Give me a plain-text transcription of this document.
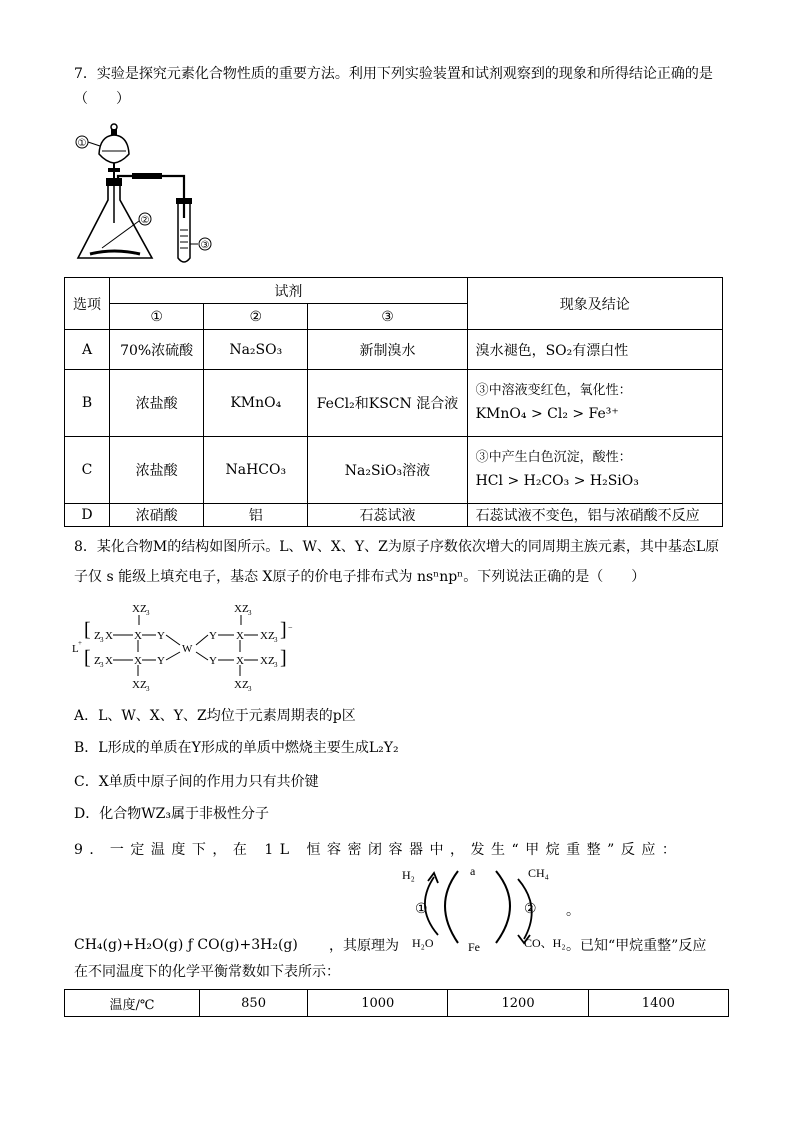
7．实验是探究元素化合物性质的重要方法。利用下列实验装置和试剂观察到的现象和所得结论正确的是
（　　）
①
②
③
选项	试剂			现象及结论
	①	②	③	
A	70%浓硫酸	Na₂SO₃	新制溴水	溴水褪色，SO₂有漂白性
B	浓盐酸	KMnO₄	FeCl₂和KSCN 混合液	③中溶液变红色，氧化性：
KMnO₄ > Cl₂ > Fe³⁺

C	浓盐酸	NaHCO₃	Na₂SiO₃溶液	③中产生白色沉淀，酸性：
HCl > H₂CO₃ > H₂SiO₃

D	浓硝酸	铝	石蕊试液	石蕊试液不变色，铝与浓硝酸不反应
8．某化合物M的结构如图所示。L、W、X、Y、Z为原子序数依次增大的同周期主族元素，其中基态L原
子仅 s 能级上填充电子，基态 X原子的价电子排布式为 nsⁿnpⁿ。下列说法正确的是（　　）
L +
[
[
XZ 3
Z 3 X X Y
Z 3 X X Y
XZ 3
W
XZ 3
Y X XZ 3
Y X XZ 3
XZ 3
]
]
−
A．L、W、X、Y、Z均位于元素周期表的p区
B．L形成的单质在Y形成的单质中燃烧主要生成L₂Y₂
C．X单质中原子间的作用力只有共价键
D．化合物WZ₃属于非极性分子
9．一定温度下，在 1L 恒容密闭容器中，发生“甲烷重整”反应：
H₂	a	CH₄
①	②
H₂O	Fe	CO、H₂
。
CH₄(g)+H₂O(g) ƒ CO(g)+3H₂(g) ，其原理为	。已知“甲烷重整”反应
在不同温度下的化学平衡常数如下表所示：
温度/℃	850	1000	1200	1400
